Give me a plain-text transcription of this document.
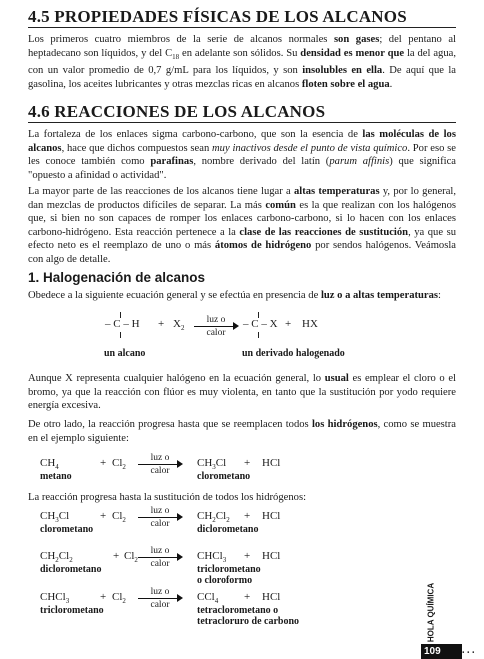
4.5 PROPIEDADES FÍSICAS DE LOS ALCANOS
Los primeros cuatro miembros de la serie de alcanos normales son gases; del pentano al heptadecano son líquidos, y del $C_{18}$ en adelante son sólidos. Su densidad es menor que la del agua, con un valor promedio de 0,7 g/mL para los líquidos, y son insolubles en ella. De aquí que la gasolina, los aceites lubricantes y otras mezclas ricas en alcanos floten sobre el agua.
4.6 REACCIONES DE LOS ALCANOS
La fortaleza de los enlaces sigma carbono-carbono, que son la esencia de las moléculas de los alcanos, hace que dichos compuestos sean muy inactivos desde el punto de vista químico. Por eso se les conoce también como parafinas, nombre derivado del latín (parum affinis) que significa "opuesto a afinidad o actividad".
La mayor parte de las reacciones de los alcanos tiene lugar a altas temperaturas y, por lo general, dan mezclas de productos difíciles de separar. La más común es la que realizan con los halógenos que, si bien no son capaces de romper los enlaces carbono-carbono, si lo hacen con los enlaces carbono-hidrógeno. Esta reacción pertenece a la clase de las reacciones de sustitución, ya que su efecto neto es el reemplazo de uno o más átomos de hidrógeno por sendos halógenos. Veámosla con algo de detalle.
1. Halogenación de alcanos
Obedece a la siguiente ecuación general y se efectúa en presencia de luz o a altas temperaturas:
– $C - H + X_2$
luz o
calor
– C – X + HX
un alcano	un derivado halogenado
Aunque X representa cualquier halógeno en la ecuación general, lo usual es emplear el cloro o el bromo, ya que la reacción con flúor es muy violenta, en tanto que la sustitución por yodo requiere energía excesiva.
De otro lado, la reacción progresa hasta que se reemplacen todos los hidrógenos, como se muestra en el ejemplo siguiente:
$CH_4$	+ $Cl_2$
luz o
calor
$CH_3Cl$ + HCl
metano	clorometano
$CH_3Cl$	+ $Cl_2$
luz o
calor
$CH_2Cl_2$ + HCl
clorometano	diclorometano
$CH_2Cl_2$	+ $Cl_2$
luz o
calor
CHCl$_3$ + HCl
diclorometano	triclorometano
o cloroformo
CHCl$_3$	+ $Cl_2$
luz o
calor
CCl$_4$ + HCl
triclorometano	tetraclorometano o
tetracloruro de carbono
La reacción progresa hasta la sustitución de todos los hidrógenos:
HOLA QUÍMICA
109	. . .
